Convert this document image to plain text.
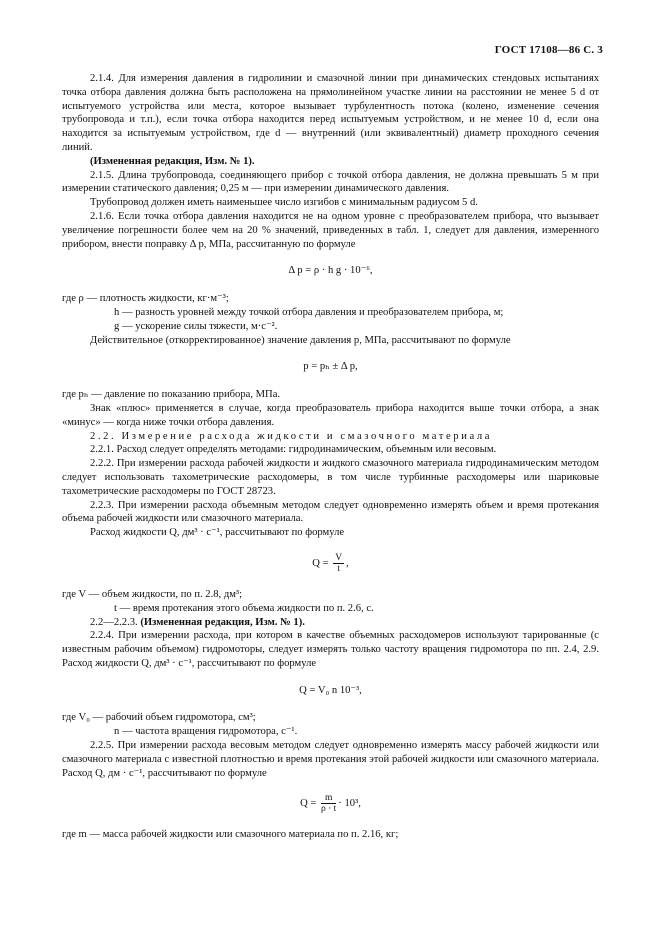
ГОСТ 17108—86 С. 3

2.1.4. Для измерения давления в гидролинии и смазочной линии при динамических стендовых испытаниях точка отбора давления должна быть расположена на прямолинейном участке линии на расстоянии не менее 5 d от испытуемого устройства или места, которое вызывает турбулентность потока (колено, изменение сечения трубопровода и т.п.), если точка отбора находится перед испытуемым устройством, и не менее 10 d, если она находится за испытуемым устройством, где d — внутренний (или эквивалентный) диаметр проходного сечения линий.

(Измененная редакция, Изм. № 1).

2.1.5. Длина трубопровода, соединяющего прибор с точкой отбора давления, не должна превышать 5 м при измерении статического давления; 0,25 м — при измерении динамического давления.

Трубопровод должен иметь наименьшее число изгибов с минимальным радиусом 5 d.

2.1.6. Если точка отбора давления находится не на одном уровне с преобразователем прибора, что вызывает увеличение погрешности более чем на 20 % значений, приведенных в табл. 1, следует для давления, измеренного прибором, внести поправку Δ p, МПа, рассчитанную по формуле

Δ p = ρ · h g · 10⁻⁶,

где ρ — плотность жидкости, кг·м⁻³;

h — разность уровней между точкой отбора давления и преобразователем прибора, м;

g — ускорение силы тяжести, м·c⁻².

Действительное (откорректированное) значение давления p, МПа, рассчитывают по формуле

p = pₕ ± Δ p,

где pₕ — давление по показанию прибора, МПа.

Знак «плюс» применяется в случае, когда преобразователь прибора находится выше точки отбора, а знак «минус» — когда ниже точки отбора давления.

2.2. Измерение расхода жидкости и смазочного материала

2.2.1. Расход следует определять методами: гидродинамическим, объемным или весовым.

2.2.2. При измерении расхода рабочей жидкости и жидкого смазочного материала гидродинамическим методом следует использовать тахометрические расходомеры, в том числе турбинные расходомеры или шариковые тахометрические расходомеры по ГОСТ 28723.

2.2.3. При измерении расхода объемным методом следует одновременно измерять объем и время протекания объема рабочей жидкости или смазочного материала.

Расход жидкости Q, дм³ · с⁻¹, рассчитывают по формуле

$Q = \frac{V}{t}$ ,

где V — объем жидкости, по п. 2.8, дм³;

t — время протекания этого объема жидкости по п. 2.6, с.

2.2—2.2.3. (Измененная редакция, Изм. № 1).

2.2.4. При измерении расхода, при котором в качестве объемных расходомеров используют тарированные (с известным рабочим объемом) гидромоторы, следует измерять только частоту вращения гидромотора по пп. 2.4, 2.9. Расход жидкости Q, дм³ · с⁻¹, рассчитывают по формуле

Q = V₀ n 10⁻³,

где V₀ — рабочий объем гидромотора, см³;

n — частота вращения гидромотора, с⁻¹.

2.2.5. При измерении расхода весовым методом следует одновременно измерять массу рабочей жидкости или смазочного материала с известной плотностью и время протекания этой рабочей жидкости или смазочного материала. Расход Q, дм · с⁻¹, рассчитывают по формуле

$Q = \frac{m}{\rho \cdot t} \cdot 10^3$,

где m — масса рабочей жидкости или смазочного материала по п. 2.16, кг;
